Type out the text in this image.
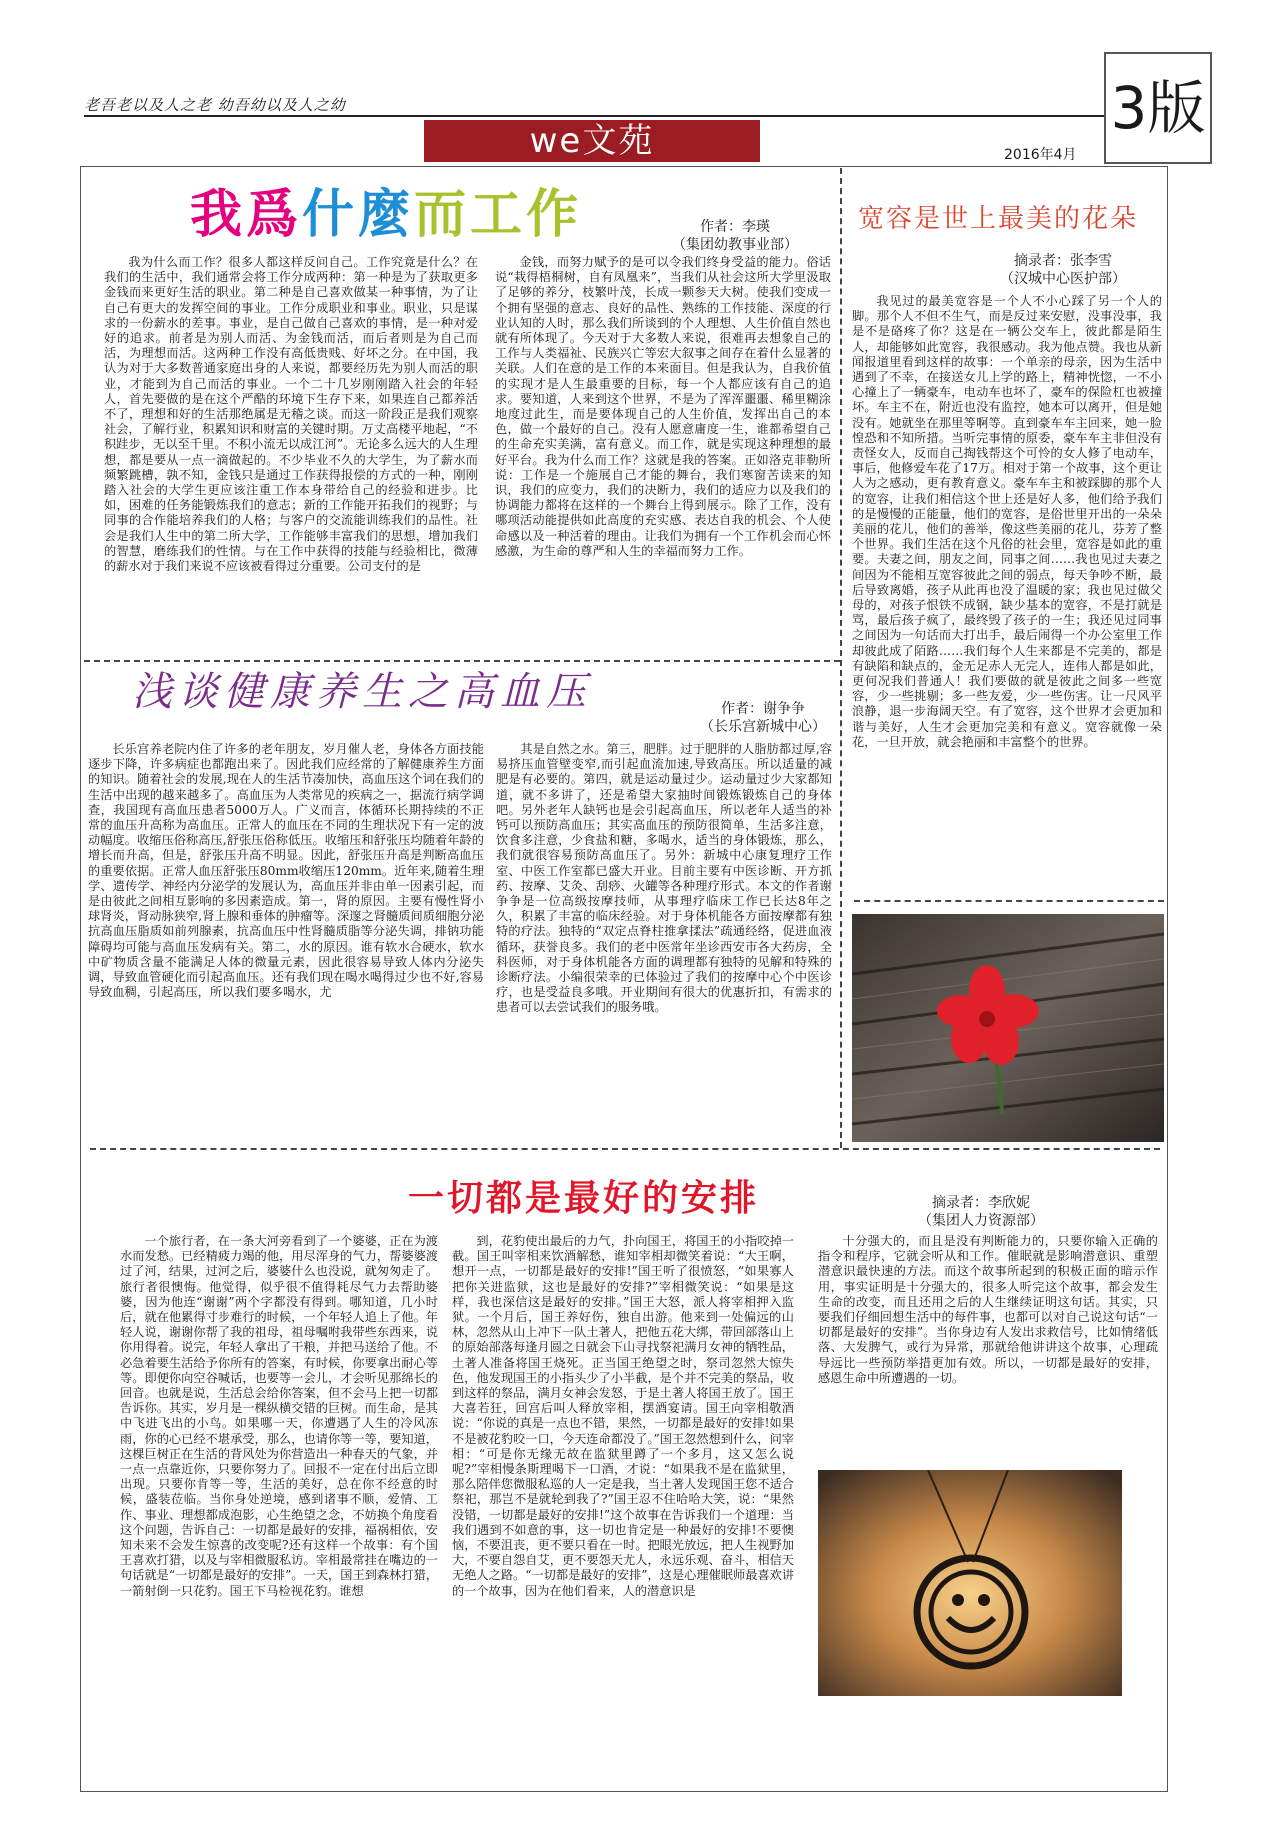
老吾老以及人之老 幼吾幼以及人之幼
we文苑	3版
2016年4月
我爲什麼而工作	作者：李瑛
（集团幼教事业部）

我为什么而工作？很多人都这样反问自己。工作究竟是什么？在我们的生活中，我们通常会将工作分成两种：第一种是为了获取更多金钱而来更好生活的职业。第二种是自己喜欢做某一种事情，为了让自己有更大的发挥空间的事业。工作分成职业和事业。职业，只是谋求的一份薪水的差事。事业，是自己做自己喜欢的事情，是一种对爱好的追求。前者是为别人而活、为金钱而活，而后者则是为自己而活，为理想而活。这两种工作没有高低贵贱、好坏之分。在中国，我认为对于大多数普通家庭出身的人来说，都要经历先为别人而活的职业，才能到为自己而活的事业。一个二十几岁刚刚踏入社会的年轻人，首先要做的是在这个严酷的环境下生存下来，如果连自己都养活不了，理想和好的生活那绝属是无稽之谈。而这一阶段正是我们观察社会，了解行业，积累知识和财富的关键时期。万丈高楼平地起，“不积跬步，无以至千里。不积小流无以成江河”。无论多么远大的人生理想，都是要从一点一滴做起的。不少毕业不久的大学生，为了薪水而频繁跳槽，孰不知，金钱只是通过工作获得报偿的方式的一种，刚刚踏入社会的大学生更应该注重工作本身带给自己的经验和进步。比如，困难的任务能锻炼我们的意志；新的工作能开拓我们的视野；与同事的合作能培养我们的人格；与客户的交流能训练我们的品性。社会是我们人生中的第二所大学，工作能够丰富我们的思想，增加我们的智慧，磨练我们的性情。与在工作中获得的技能与经验相比，微薄的薪水对于我们来说不应该被看得过分重要。公司支付的是

金钱，而努力赋予的是可以令我们终身受益的能力。俗话说“栽得梧桐树，自有凤凰来”，当我们从社会这所大学里汲取了足够的养分，枝繁叶茂，长成一颗参天大树。使我们变成一个拥有坚强的意志、良好的品性、熟练的工作技能、深度的行业认知的人时，那么我们所谈到的个人理想、人生价值自然也就有所体现了。今天对于大多数人来说，很难再去想象自己的工作与人类福祉、民族兴亡等宏大叙事之间存在着什么显著的关联。人们在意的是工作的本来面目。但是我认为，自我价值的实现才是人生最重要的目标，每一个人都应该有自己的追求。要知道，人来到这个世界，不是为了浑浑噩噩、稀里糊涂地度过此生，而是要体现自己的人生价值，发挥出自己的本色，做一个最好的自己。没有人愿意庸度一生，谁都希望自己的生命充实美满，富有意义。而工作，就是实现这种理想的最好平台。我为什么而工作？这就是我的答案。正如洛克菲勒所说：工作是一个施展自己才能的舞台，我们寒窗苦读来的知识，我们的应变力，我们的决断力，我们的适应力以及我们的协调能力都将在这样的一个舞台上得到展示。除了工作，没有哪项活动能提供如此高度的充实感、表达自我的机会、个人使命感以及一种活着的理由。让我们为拥有一个工作机会而心怀感激，为生命的尊严和人生的幸福而努力工作。

宽容是世上最美的花朵
摘录者：张李雪
（汉城中心医护部）

我见过的最美宽容是一个人不小心踩了另一个人的脚。那个人不但不生气，而是反过来安慰，没事没事，我是不是硌疼了你？这是在一辆公交车上，彼此都是陌生人，却能够如此宽容，我很感动。我为他点赞。我也从新闻报道里看到这样的故事：一个单亲的母亲，因为生活中遇到了不幸，在接送女儿上学的路上，精神恍惚，一不小心撞上了一辆豪车，电动车也坏了，豪车的保险杠也被撞坏。车主不在，附近也没有监控，她本可以离开，但是她没有。她就坐在那里等啊等。直到豪车车主回来，她一脸惶恐和不知所措。当听完事情的原委，豪车车主非但没有责怪女人，反而自己掏钱帮这个可怜的女人修了电动车，事后，他修爱车花了17万。相对于第一个故事，这个更让人为之感动，更有教育意义。豪车车主和被踩脚的那个人的宽容，让我们相信这个世上还是好人多，他们给予我们的是慢慢的正能量，他们的宽容，是俗世里开出的一朵朵美丽的花儿，他们的善举，像这些美丽的花儿，芬芳了整个世界。我们生活在这个凡俗的社会里，宽容是如此的重要。夫妻之间，朋友之间，同事之间……我也见过夫妻之间因为不能相互宽容彼此之间的弱点，每天争吵不断，最后导致离婚，孩子从此再也没了温暖的家；我也见过做父母的，对孩子恨铁不成钢，缺少基本的宽容，不是打就是骂，最后孩子疯了，最终毁了孩子的一生；我还见过同事之间因为一句话而大打出手，最后闹得一个办公室里工作却彼此成了陌路……我们每个人生来都是不完美的，都是有缺陷和缺点的，金无足赤人无完人，连伟人都是如此，更何况我们普通人！我们要做的就是彼此之间多一些宽容，少一些挑剔；多一些友爱，少一些伤害。让一尺风平浪静，退一步海阔天空。有了宽容，这个世界才会更加和谐与美好，人生才会更加完美和有意义。宽容就像一朵花，一旦开放，就会艳丽和丰富整个的世界。

浅谈健康养生之高血压	作者：谢争争
（长乐宫新城中心）

长乐宫养老院内住了许多的老年朋友，岁月催人老，身体各方面技能逐步下降，许多病症也都跑出来了。因此我们应经常的了解健康养生方面的知识。随着社会的发展,现在人的生活节凑加快，高血压这个词在我们的生活中出现的越来越多了。高血压为人类常见的疾病之一，据流行病学调查，我国现有高血压患者5000万人。广义而言，体循环长期持续的不正常的血压升高称为高血压。正常人的血压在不同的生理状况下有一定的波动幅度。收缩压俗称高压,舒张压俗称低压。收缩压和舒张压均随着年龄的增长而升高，但是，舒张压升高不明显。因此，舒张压升高是判断高血压的重要依据。正常人血压舒张压80mm收缩压120mm。近年来,随着生理学、遗传学、神经内分泌学的发展认为，高血压并非由单一因素引起，而是由彼此之间相互影响的多因素造成。第一，肾的原因。主要有慢性肾小球肾炎，肾动脉狭窄,肾上腺和垂体的肿瘤等。深邃之肾髓质间质细胞分泌抗高血压脂质如前列腺素，抗高血压中性肾髓质脂等分泌失调，排钠功能障碍均可能与高血压发病有关。第二，水的原因。谁有软水合硬水，软水中矿物质含量不能满足人体的微量元素，因此很容易导致人体内分泌失调，导致血管硬化而引起高血压。还有我们现在喝水喝得过少也不好,容易导致血稠，引起高压，所以我们要多喝水，尤

其是自然之水。第三，肥胖。过于肥胖的人脂肪都过厚,容易挤压血管壁变窄,而引起血流加速,导致高压。所以适量的减肥是有必要的。第四，就是运动量过少。运动量过少大家都知道，就不多讲了，还是希望大家抽时间锻炼锻炼自己的身体吧。另外老年人缺钙也是会引起高血压，所以老年人适当的补钙可以预防高血压；其实高血压的预防很简单，生活多注意，饮食多注意，少食盐和糖，多喝水，适当的身体锻炼，那么，我们就很容易预防高血压了。另外：新城中心康复理疗工作室、中医工作室都已盛大开业。目前主要有中医诊断、开方抓药、按摩、艾灸、刮痧、火罐等各种理疗形式。本文的作者谢争争是一位高级按摩技师，从事理疗临床工作已长达8年之久，积累了丰富的临床经验。对于身体机能各方面按摩都有独特的疗法。独特的“双定点脊柱推拿揉法”疏通经络，促进血液循环，获誉良多。我们的老中医常年坐诊西安市各大药房，全科医师，对于身体机能各方面的调理都有独特的见解和特殊的诊断疗法。小编很荣幸的已体验过了我们的按摩中心个中医诊疗，也是受益良多哦。开业期间有很大的优惠折扣，有需求的患者可以去尝试我们的服务哦。

一切都是最好的安排	摘录者：李欣妮
（集团人力资源部）

一个旅行者，在一条大河旁看到了一个婆婆，正在为渡水而发愁。已经精疲力竭的他，用尽浑身的气力，帮婆婆渡过了河，结果，过河之后，婆婆什么也没说，就匆匆走了。旅行者很懊悔。他觉得，似乎很不值得耗尽气力去帮助婆婆，因为他连“谢谢”两个字都没有得到。哪知道，几小时后，就在他累得寸步难行的时候，一个年轻人追上了他。年轻人说，谢谢你帮了我的祖母，祖母嘱咐我带些东西来，说你用得着。说完，年轻人拿出了干粮，并把马送给了他。不必急着要生活给予你所有的答案，有时候，你要拿出耐心等等。即便你向空谷喊话，也要等一会儿，才会听见那绵长的回音。也就是说，生活总会给你答案，但不会马上把一切都告诉你。其实，岁月是一棵纵横交错的巨树。而生命，是其中飞进飞出的小鸟。如果哪一天，你遭遇了人生的冷风冻雨，你的心已经不堪承受，那么，也请你等一等，要知道，这棵巨树正在生活的背风处为你营造出一种春天的气象，并一点一点靠近你，只要你努力了。回报不一定在付出后立即出现。只要你肯等一等，生活的美好，总在你不经意的时候，盛装莅临。当你身处逆境，感到诸事不顺，爱情、工作、事业、理想都成泡影，心生绝望之念，不妨换个角度看这个问题，告诉自己：一切都是最好的安排，福祸相依，安知未来不会发生惊喜的改变呢?还有这样一个故事：有个国王喜欢打猎，以及与宰相微服私访。宰相最常挂在嘴边的一句话就是“一切都是最好的安排”。一天，国王到森林打猎，一箭射倒一只花豹。国王下马检视花豹。谁想

到，花豹使出最后的力气，扑向国王，将国王的小指咬掉一截。国王叫宰相来饮酒解愁，谁知宰相却微笑着说：“大王啊，想开一点，一切都是最好的安排!”国王听了很愤怒，“如果寡人把你关进监狱，这也是最好的安排?”宰相微笑说：“如果是这样，我也深信这是最好的安排。”国王大怒，派人将宰相押入监狱。一个月后，国王养好伤，独自出游。他来到一处偏远的山林，忽然从山上冲下一队土著人，把他五花大绑，带回部落山上的原始部落每逢月圆之日就会下山寻找祭祀满月女神的牺牲品，土著人准备将国王烧死。正当国王绝望之时，祭司忽然大惊失色，他发现国王的小指头少了小半截，是个并不完美的祭品，收到这样的祭品，满月女神会发怒，于是土著人将国王放了。国王大喜若狂，回宫后叫人释放宰相，摆酒宴请。国王向宰相敬酒说：“你说的真是一点也不错，果然，一切都是最好的安排!如果不是被花豹咬一口，今天连命都没了。”国王忽然想到什么，问宰相：“可是你无缘无故在监狱里蹲了一个多月，这又怎么说呢?”宰相慢条斯理喝下一口酒，才说：“如果我不是在监狱里，那么陪伴您微服私巡的人一定是我，当土著人发现国王您不适合祭祀，那岂不是就轮到我了?”国王忍不住哈哈大笑，说：“果然没错，一切都是最好的安排!”这个故事在告诉我们一个道理：当我们遇到不如意的事，这一切也肯定是一种最好的安排!不要懊恼，不要沮丧，更不要只看在一时。把眼光放远，把人生视野加大，不要自怨自艾，更不要怨天尤人，永远乐观、奋斗，相信天无绝人之路。“一切都是最好的安排”，这是心理催眠师最喜欢讲的一个故事，因为在他们看来，人的潜意识是

十分强大的，而且是没有判断能力的，只要你输入正确的指令和程序，它就会听从和工作。催眠就是影响潜意识、重塑潜意识最快速的方法。而这个故事所起到的积极正面的暗示作用，事实证明是十分强大的，很多人听完这个故事，都会发生生命的改变，而且还用之后的人生继续证明这句话。其实，只要我们仔细回想生活中的每件事，也都可以对自己说这句话“一切都是最好的安排”。当你身边有人发出求救信号，比如情绪低落、大发脾气，或行为异常，那就给他讲讲这个故事，心理疏导远比一些预防举措更加有效。所以，一切都是最好的安排，感恩生命中所遭遇的一切。
